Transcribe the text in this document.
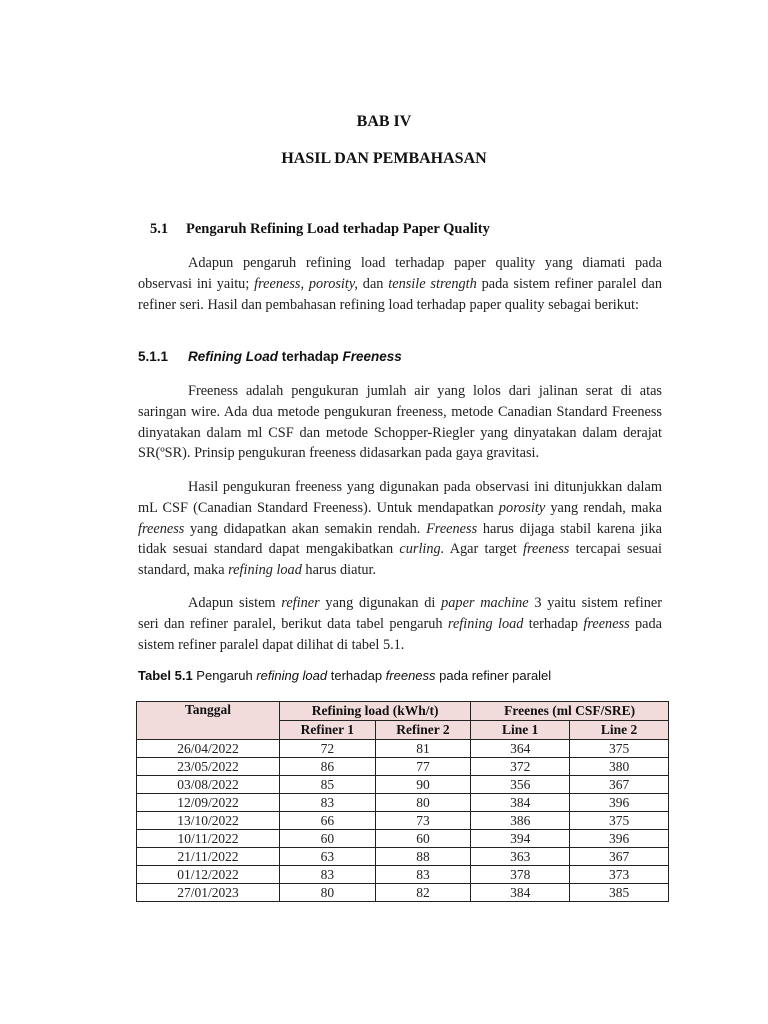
BAB IV
HASIL DAN PEMBAHASAN
5.1 Pengaruh Refining Load terhadap Paper Quality

Adapun pengaruh refining load terhadap paper quality yang diamati pada observasi ini yaitu; freeness, porosity, dan tensile strength pada sistem refiner paralel dan refiner seri. Hasil dan pembahasan refining load terhadap paper quality sebagai berikut:

5.1.1 Refining Load terhadap Freeness

Freeness adalah pengukuran jumlah air yang lolos dari jalinan serat di atas saringan wire. Ada dua metode pengukuran freeness, metode Canadian Standard Freeness dinyatakan dalam ml CSF dan metode Schopper-Riegler yang dinyatakan dalam derajat SR(ºSR). Prinsip pengukuran freeness didasarkan pada gaya gravitasi.

Hasil pengukuran freeness yang digunakan pada observasi ini ditunjukkan dalam mL CSF (Canadian Standard Freeness). Untuk mendapatkan porosity yang rendah, maka freeness yang didapatkan akan semakin rendah. Freeness harus dijaga stabil karena jika tidak sesuai standard dapat mengakibatkan curling. Agar target freeness tercapai sesuai standard, maka refining load harus diatur.

Adapun sistem refiner yang digunakan di paper machine 3 yaitu sistem refiner seri dan refiner paralel, berikut data tabel pengaruh refining load terhadap freeness pada sistem refiner paralel dapat dilihat di tabel 5.1.

Tabel 5.1 Pengaruh refining load terhadap freeness pada refiner paralel
Tanggal	Refining load (kWh/t)		Freenes (ml CSF/SRE)	
	Refiner 1	Refiner 2	Line 1	Line 2
26/04/2022	72	81	364	375
23/05/2022	86	77	372	380
03/08/2022	85	90	356	367
12/09/2022	83	80	384	396
13/10/2022	66	73	386	375
10/11/2022	60	60	394	396
21/11/2022	63	88	363	367
01/12/2022	83	83	378	373
27/01/2023	80	82	384	385
